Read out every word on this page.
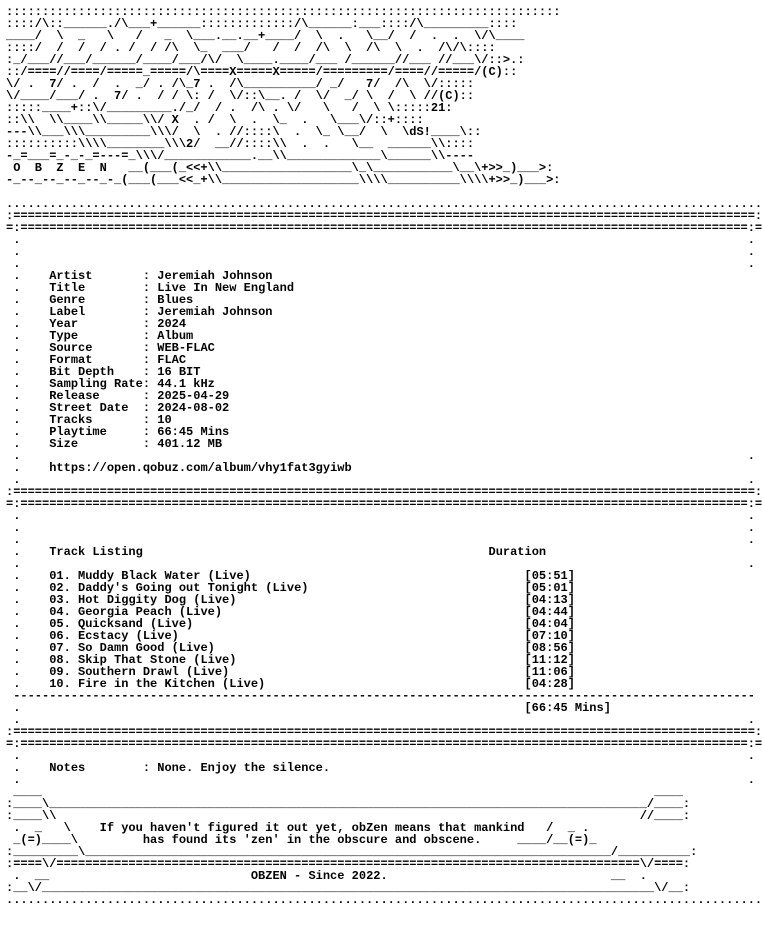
:::::::::::::::::::::::::::::::::::::::::::::::::::::::::::::::::::::::::::::
::::/\::______./\___+______:::::::::::::/\______:___::::/\_________::::
____/  \  _   \   /   _  \___.__.__+____/  \  .   \__/  /  .  .  \/\____
::::/  /  /  / . /  / /\  \_  ___/   /  /  /\  \  /\  \  .  /\/\::::
:_/___//___/______/____/___/\/  \____.____/___ /______//___ //___\/::>.:
::/====//====/=====_=====/\====X=====X=====/=========/====//=====/(C)::
\/ .  7/ .  /  .  _/ . /\_7 .  /\__________/ _/   7/  /\  \/:::::
\/____/___/ .  7/ .  / / \: /  \/::\__. /  \/  _/ \  /  \ //(C)::
:::::____+::\/_________./_/  / .  /\ . \/   \   /  \ \:::::21:
::\\  \\____\\_____\\/ X  . /  \  .  \_  .   \___\/::+::::
---\\___\\\_________\\\/  \  . //::::\  .  \_ \__/  \  \dS!____\::
::::::::::\\\\________\\\2/  __//::::\\  .  .   \__  ______\\::::
-_=___=_-_-_=---=_\\\/____________.__\\_____________\______\\----
O  B  Z  E  N   __(___(_<<+\\__________________\_\___________\__\+>>_)___>:
-_--_--_--_--_-_(___(___<<_+\\___________________\\\\__________\\\\+>>_)___>:

.........................................................................................................
:=======================================================================================================:
=:=====================================================================================================:=
.                                                                                                     .
.                                                                                                     .
.                                                                                                     .
.    Artist       : Jeremiah Johnson
.    Title        : Live In New England
.    Genre        : Blues
.    Label        : Jeremiah Johnson
.    Year         : 2024
.    Type         : Album
.    Source       : WEB-FLAC
.    Format       : FLAC
.    Bit Depth    : 16 BIT
.    Sampling Rate: 44.1 kHz
.    Release      : 2025-04-29
.    Street Date  : 2024-08-02
.    Tracks       : 10
.    Playtime     : 66:45 Mins
.    Size         : 401.12 MB
.                                                                                                     .
.    https://open.qobuz.com/album/vhy1fat3gyiwb
.                                                                                                     .
:=======================================================================================================:
=:=====================================================================================================:=
.                                                                                                     .
.                                                                                                     .
.                                                                                                     .
.    Track Listing	Duration
.                                                                                                     .
.    01. Muddy Black Water (Live)	[05:51]
.    02. Daddy's Going out Tonight (Live)	[05:01]
.    03. Hot Diggity Dog (Live)	[04:13]
.    04. Georgia Peach (Live)	[04:44]
.    05. Quicksand (Live)	[04:04]
.    06. Ecstacy (Live)	[07:10]
.    07. So Damn Good (Live)	[08:56]
.    08. Skip That Stone (Live)	[11:12]
.    09. Southern Drawl (Live)	[11:06]
.    10. Fire in the Kitchen (Live)	[04:28]
-------------------------------------------------------------------------------------------------------
.                                                                      [66:45 Mins]
.                                                                                                     .
:=======================================================================================================:
=:=====================================================================================================:=
.                                                                                                     .
.    Notes        : None. Enjoy the silence.
.                                                                                                     .
____                                                                                     ____
:____\___________________________________________________________________________________/____:
:____\\                                                                                 //____:
.  _   \    If you haven't figured it out yet, obZen means that mankind   /  _ .
_(=)____\         has found its 'zen' in the obscure and obscene.     ____/__(=)_
:_________\_________________________________________________________________________/__________:
:====\/=================================================================================\/====:
.  __                            OBZEN - Since 2022.                               __  .
:__\/_____________________________________________________________________________________\/__:
.........................................................................................................
